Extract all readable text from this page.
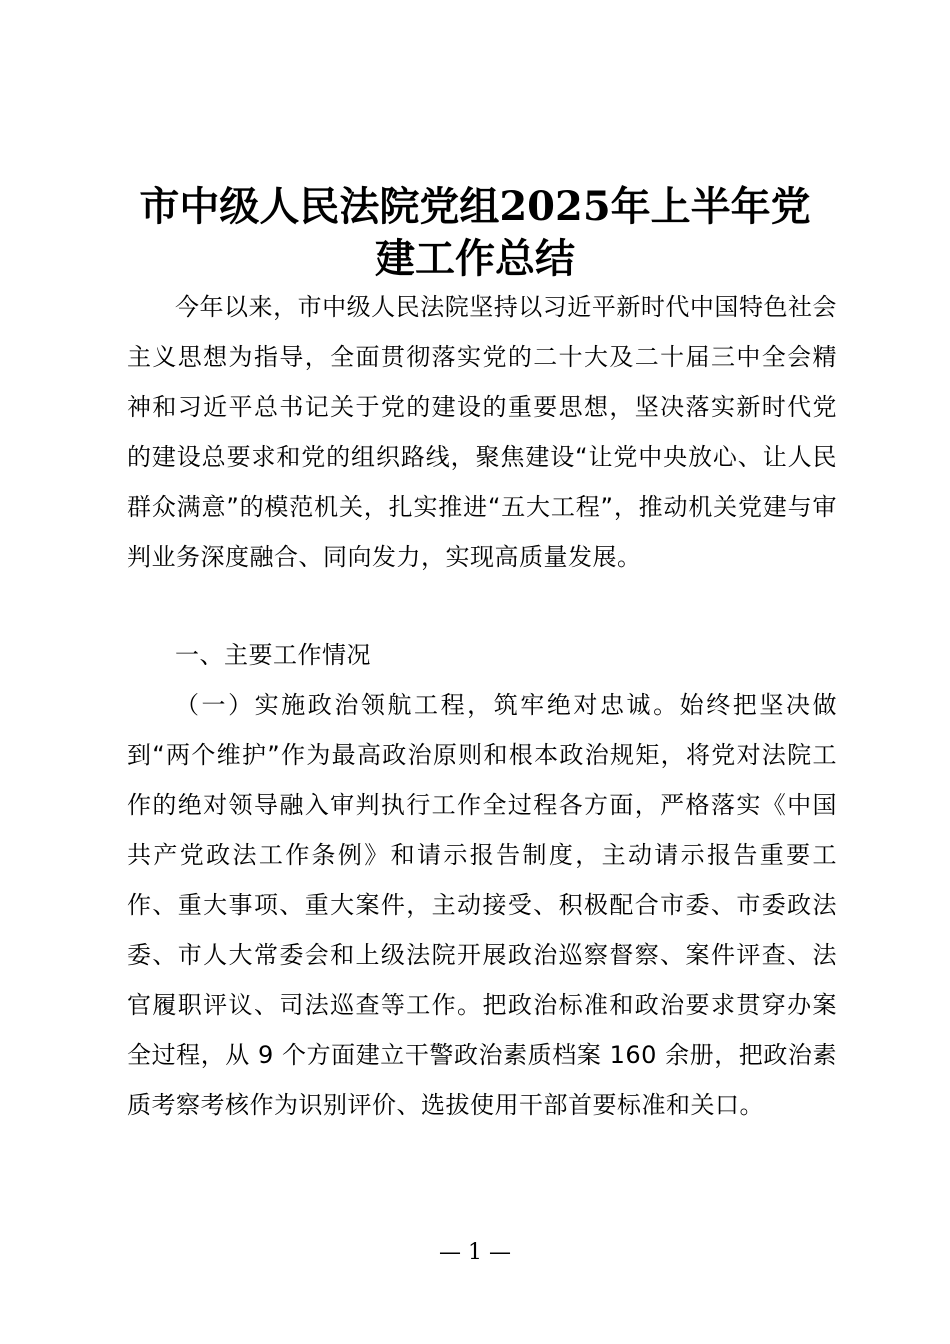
市中级人民法院党组2025年上半年党
建工作总结

今年以来，市中级人民法院坚持以习近平新时代中国特色社会主义思想为指导，全面贯彻落实党的二十大及二十届三中全会精神和习近平总书记关于党的建设的重要思想，坚决落实新时代党的建设总要求和党的组织路线，聚焦建设“让党中央放心、让人民群众满意”的模范机关，扎实推进“五大工程”，推动机关党建与审判业务深度融合、同向发力，实现高质量发展。

一、主要工作情况

（一）实施政治领航工程，筑牢绝对忠诚。始终把坚决做到“两个维护”作为最高政治原则和根本政治规矩，将党对法院工作的绝对领导融入审判执行工作全过程各方面，严格落实《中国共产党政法工作条例》和请示报告制度，主动请示报告重要工作、重大事项、重大案件，主动接受、积极配合市委、市委政法委、市人大常委会和上级法院开展政治巡察督察、案件评查、法官履职评议、司法巡查等工作。把政治标准和政治要求贯穿办案全过程，从 9 个方面建立干警政治素质档案 160 余册，把政治素质考察考核作为识别评价、选拔使用干部首要标准和关口。

— 1 —
